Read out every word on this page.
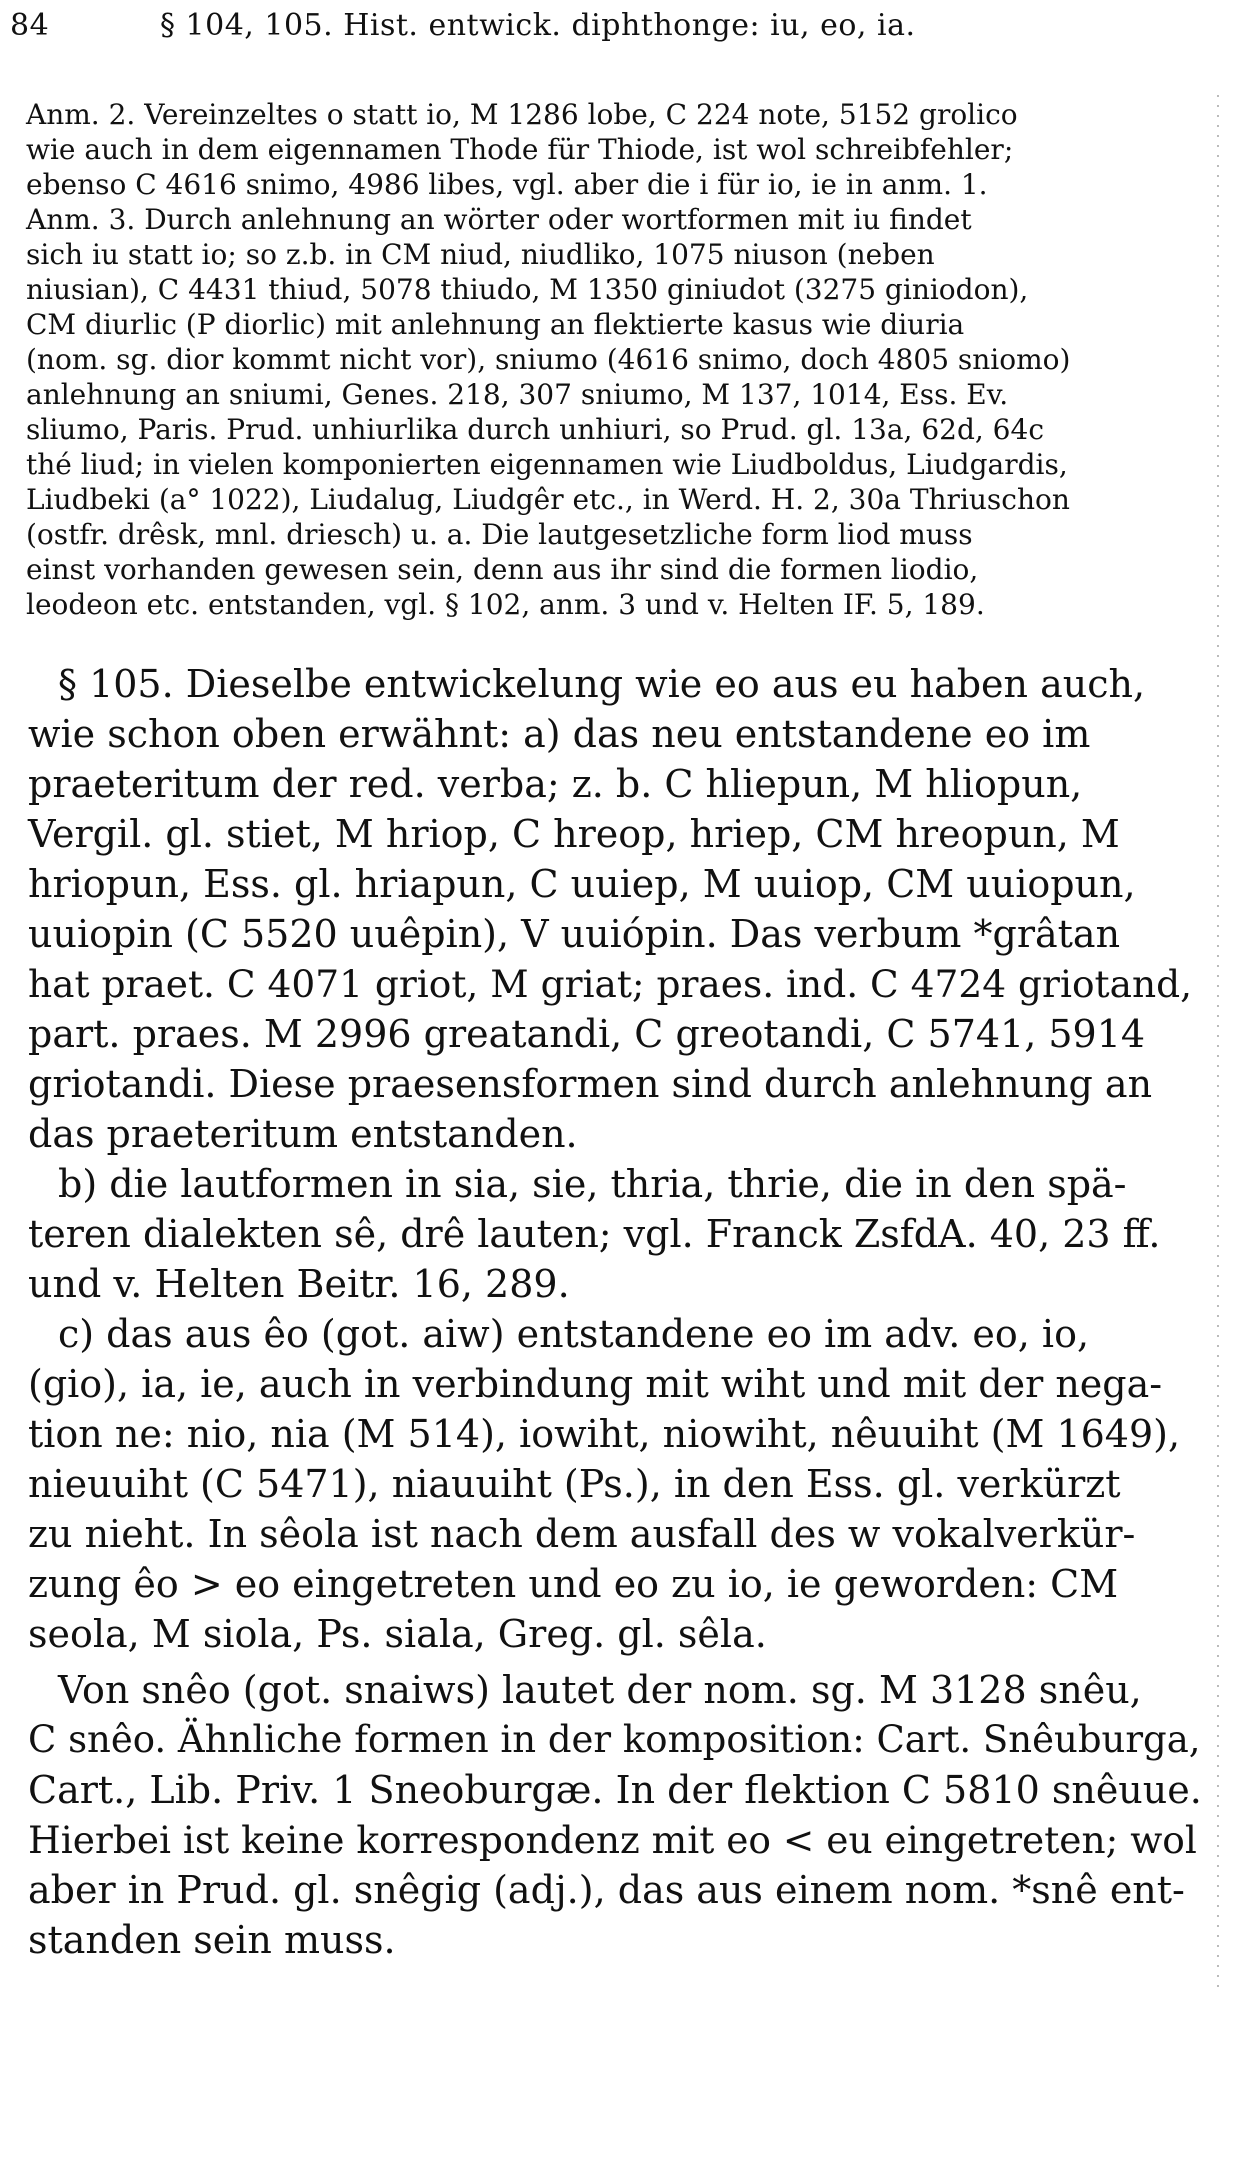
84	§ 104, 105. Hist. entwick. diphthonge: iu, eo, ia.
Anm. 2. Vereinzeltes o statt io, M 1286 lobe, C 224 note, 5152 grolico
wie auch in dem eigennamen Thode für Thiode, ist wol schreibfehler;
ebenso C 4616 snimo, 4986 libes, vgl. aber die i für io, ie in anm. 1.
Anm. 3. Durch anlehnung an wörter oder wortformen mit iu findet
sich iu statt io; so z.b. in CM niud, niudliko, 1075 niuson (neben
niusian), C 4431 thiud, 5078 thiudo, M 1350 giniudot (3275 giniodon),
CM diurlic (P diorlic) mit anlehnung an flektierte kasus wie diuria
(nom. sg. dior kommt nicht vor), sniumo (4616 snimo, doch 4805 sniomo)
anlehnung an sniumi, Genes. 218, 307 sniumo, M 137, 1014, Ess. Ev.
sliumo, Paris. Prud. unhiurlika durch unhiuri, so Prud. gl. 13a, 62d, 64c
thé liud; in vielen komponierten eigennamen wie Liudboldus, Liudgardis,
Liudbeki (a° 1022), Liudalug, Liudgêr etc., in Werd. H. 2, 30a Thriuschon
(ostfr. drêsk, mnl. driesch) u. a. Die lautgesetzliche form liod muss
einst vorhanden gewesen sein, denn aus ihr sind die formen liodio,
leodeon etc. entstanden, vgl. § 102, anm. 3 und v. Helten IF. 5, 189.
§ 105. Dieselbe entwickelung wie eo aus eu haben auch,
wie schon oben erwähnt: a) das neu entstandene eo im
praeteritum der red. verba; z. b. C hliepun, M hliopun,
Vergil. gl. stiet, M hriop, C hreop, hriep, CM hreopun, M
hriopun, Ess. gl. hriapun, C uuiep, M uuiop, CM uuiopun,
uuiopin (C 5520 uuêpin), V uuiópin. Das verbum *grâtan
hat praet. C 4071 griot, M griat; praes. ind. C 4724 griotand,
part. praes. M 2996 greatandi, C greotandi, C 5741, 5914
griotandi. Diese praesensformen sind durch anlehnung an
das praeteritum entstanden.
b) die lautformen in sia, sie, thria, thrie, die in den spä-
teren dialekten sê, drê lauten; vgl. Franck ZsfdA. 40, 23 ff.
und v. Helten Beitr. 16, 289.
c) das aus êo (got. aiw) entstandene eo im adv. eo, io,
(gio), ia, ie, auch in verbindung mit wiht und mit der nega-
tion ne: nio, nia (M 514), iowiht, niowiht, nêuuiht (M 1649),
nieuuiht (C 5471), niauuiht (Ps.), in den Ess. gl. verkürzt
zu nieht. In sêola ist nach dem ausfall des w vokalverkür-
zung êo > eo eingetreten und eo zu io, ie geworden: CM
seola, M siola, Ps. siala, Greg. gl. sêla.
Von snêo (got. snaiws) lautet der nom. sg. M 3128 snêu,
C snêo. Ähnliche formen in der komposition: Cart. Snêuburga,
Cart., Lib. Priv. 1 Sneoburgæ. In der flektion C 5810 snêuue.
Hierbei ist keine korrespondenz mit eo < eu eingetreten; wol
aber in Prud. gl. snêgig (adj.), das aus einem nom. *snê ent-
standen sein muss.
